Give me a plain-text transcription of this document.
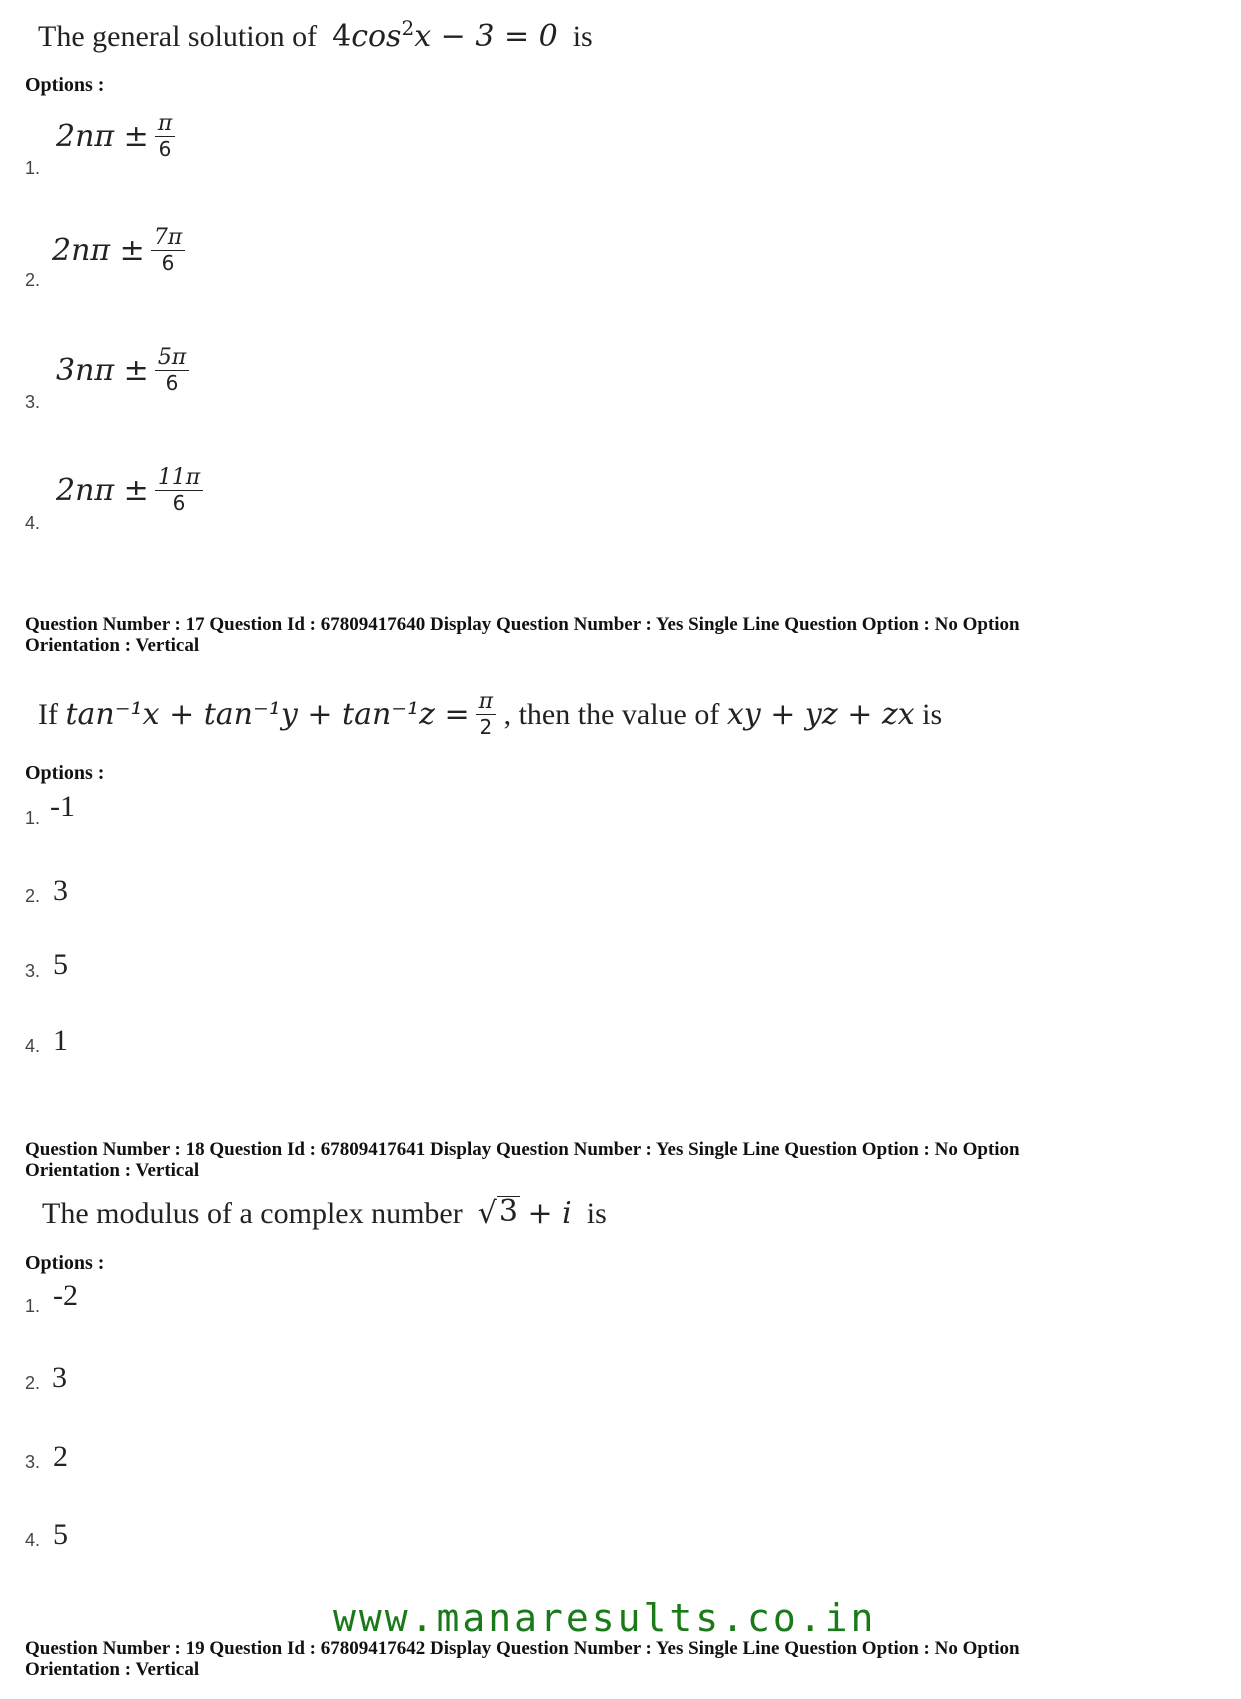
The general solution of $4\cos^2x - 3 = 0$ is
Options :
1.
$2n\pi \pm \frac{\pi}{6}$
2.
$2n\pi \pm \frac{7\pi}{6}$
3.
$3n\pi \pm \frac{5\pi}{6}$
4.
$2n\pi \pm \frac{11\pi}{6}$
Question Number : 17 Question Id : 67809417640 Display Question Number : Yes Single Line Question Option : No Option
Orientation : Vertical
If
$\tan^{-1}x + \tan^{-1}y + \tan^{-1}z = \frac{\pi}{2}$
, then the value of
xy + yz + zx
is
Options :
1. -1
2. 3
3. 5
4. 1
Question Number : 18 Question Id : 67809417641 Display Question Number : Yes Single Line Question Option : No Option
Orientation : Vertical
The modulus of a complex number
√ 3
+ i
is
Options :
1. -2
2. 3
3. 2
4. 5
www.manaresults.co.in
Question Number : 19 Question Id : 67809417642 Display Question Number : Yes Single Line Question Option : No Option
Orientation : Vertical
